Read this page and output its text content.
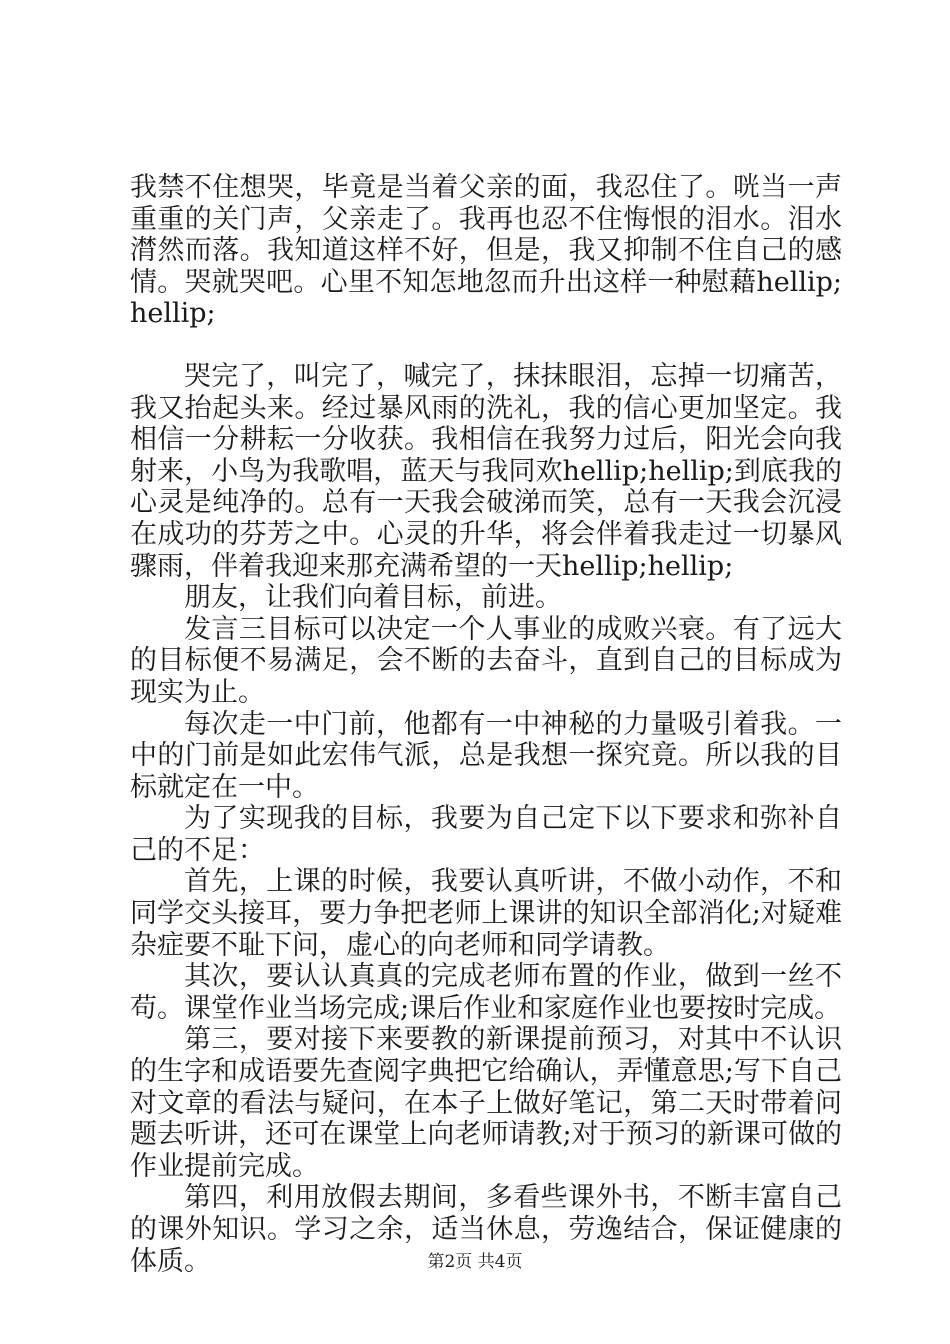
我禁不住想哭，毕竟是当着父亲的面，我忍住了。咣当一声重重的关门声，父亲走了。我再也忍不住悔恨的泪水。泪水潸然而落。我知道这样不好，但是，我又抑制不住自己的感情。哭就哭吧。心里不知怎地忽而升出这样一种慰藉hellip;hellip;

哭完了，叫完了，喊完了，抹抹眼泪，忘掉一切痛苦，我又抬起头来。经过暴风雨的洗礼，我的信心更加坚定。我相信一分耕耘一分收获。我相信在我努力过后，阳光会向我射来，小鸟为我歌唱，蓝天与我同欢hellip;hellip;到底我的心灵是纯净的。总有一天我会破涕而笑，总有一天我会沉浸在成功的芬芳之中。心灵的升华，将会伴着我走过一切暴风骤雨，伴着我迎来那充满希望的一天hellip;hellip;

朋友，让我们向着目标，前进。

发言三目标可以决定一个人事业的成败兴衰。有了远大的目标便不易满足，会不断的去奋斗，直到自己的目标成为现实为止。

每次走一中门前，他都有一中神秘的力量吸引着我。一中的门前是如此宏伟气派，总是我想一探究竟。所以我的目标就定在一中。

为了实现我的目标，我要为自己定下以下要求和弥补自己的不足：

首先，上课的时候，我要认真听讲，不做小动作，不和同学交头接耳，要力争把老师上课讲的知识全部消化;对疑难杂症要不耻下问，虚心的向老师和同学请教。

其次，要认认真真的完成老师布置的作业，做到一丝不苟。课堂作业当场完成;课后作业和家庭作业也要按时完成。

第三，要对接下来要教的新课提前预习，对其中不认识的生字和成语要先查阅字典把它给确认，弄懂意思;写下自己对文章的看法与疑问，在本子上做好笔记，第二天时带着问题去听讲，还可在课堂上向老师请教;对于预习的新课可做的作业提前完成。

第四，利用放假去期间，多看些课外书，不断丰富自己的课外知识。学习之余，适当休息，劳逸结合，保证健康的体质。	第2页 共4页
